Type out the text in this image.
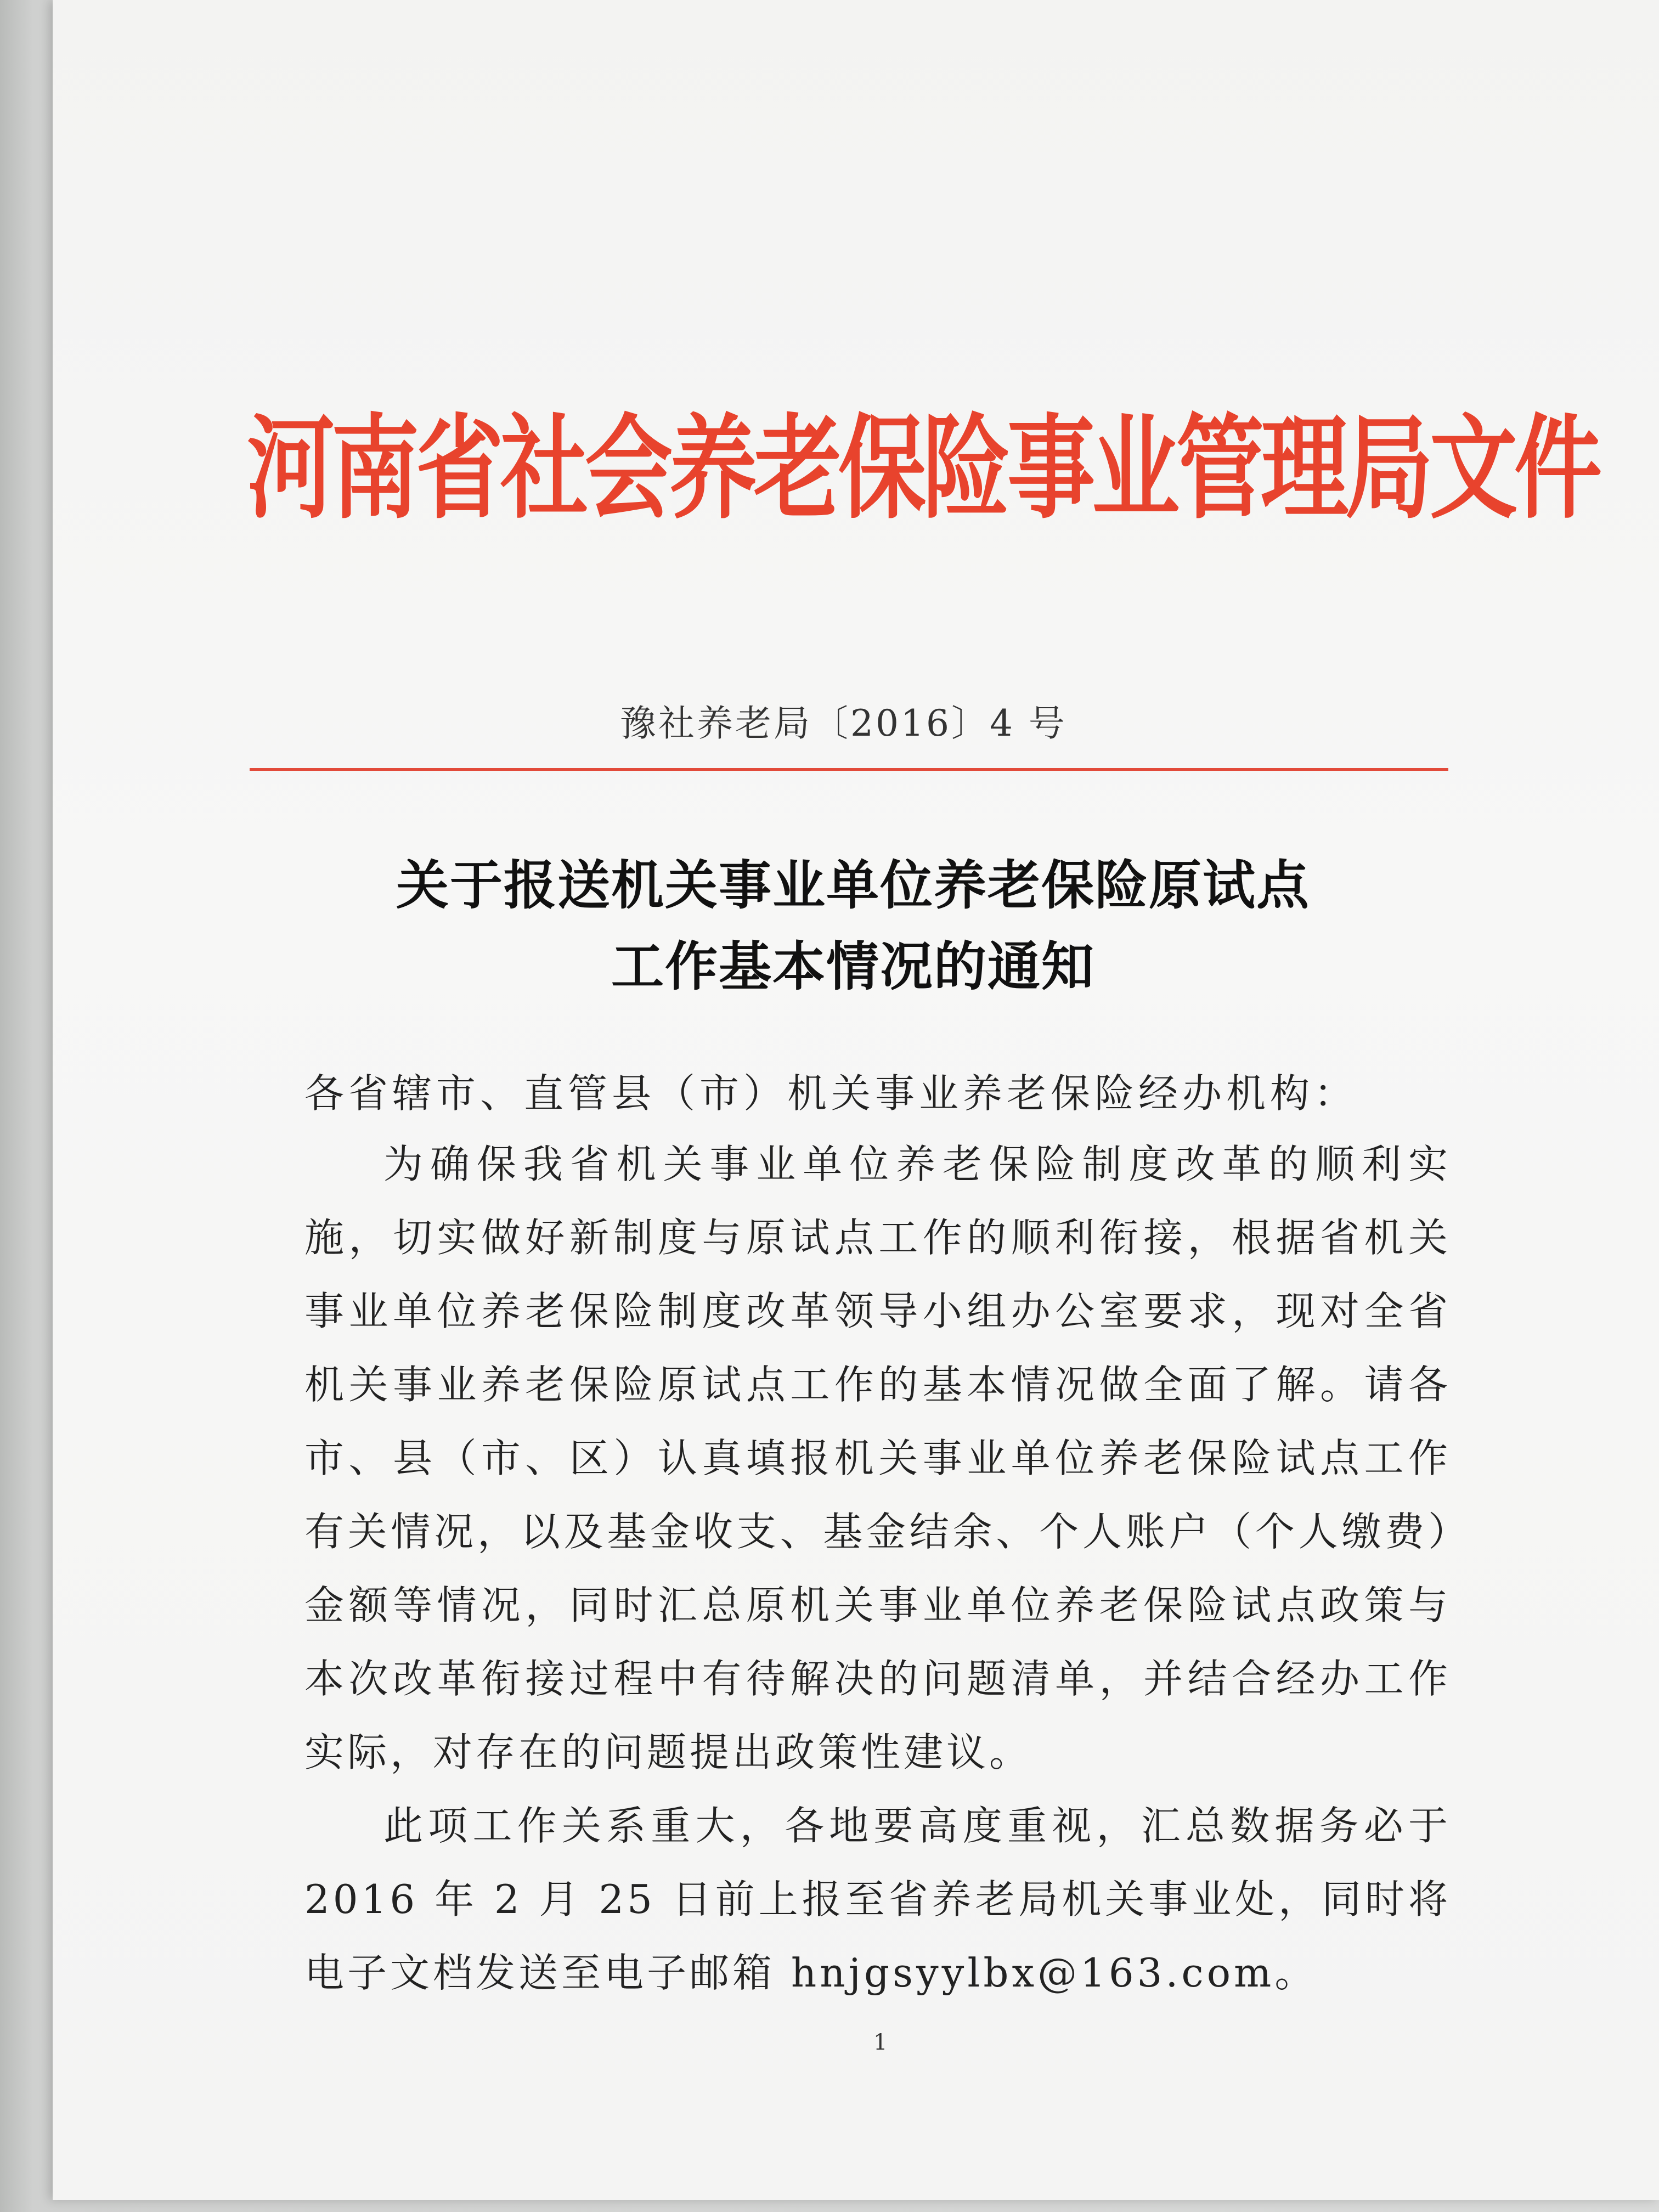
河南省社会养老保险事业管理局文件
豫社养老局〔2016〕4 号
关于报送机关事业单位养老保险原试点
工作基本情况的通知
各省辖市、直管县（市）机关事业养老保险经办机构：

为确保我省机关事业单位养老保险制度改革的顺利实施，切实做好新制度与原试点工作的顺利衔接，根据省机关事业单位养老保险制度改革领导小组办公室要求，现对全省机关事业养老保险原试点工作的基本情况做全面了解。请各市、县（市、区）认真填报机关事业单位养老保险试点工作有关情况，以及基金收支、基金结余、个人账户（个人缴费）金额等情况，同时汇总原机关事业单位养老保险试点政策与本次改革衔接过程中有待解决的问题清单，并结合经办工作实际，对存在的问题提出政策性建议。

此项工作关系重大，各地要高度重视，汇总数据务必于2016 年 2 月 25 日前上报至省养老局机关事业处，同时将电子文档发送至电子邮箱 hnjgsyylbx@163.com。

1
